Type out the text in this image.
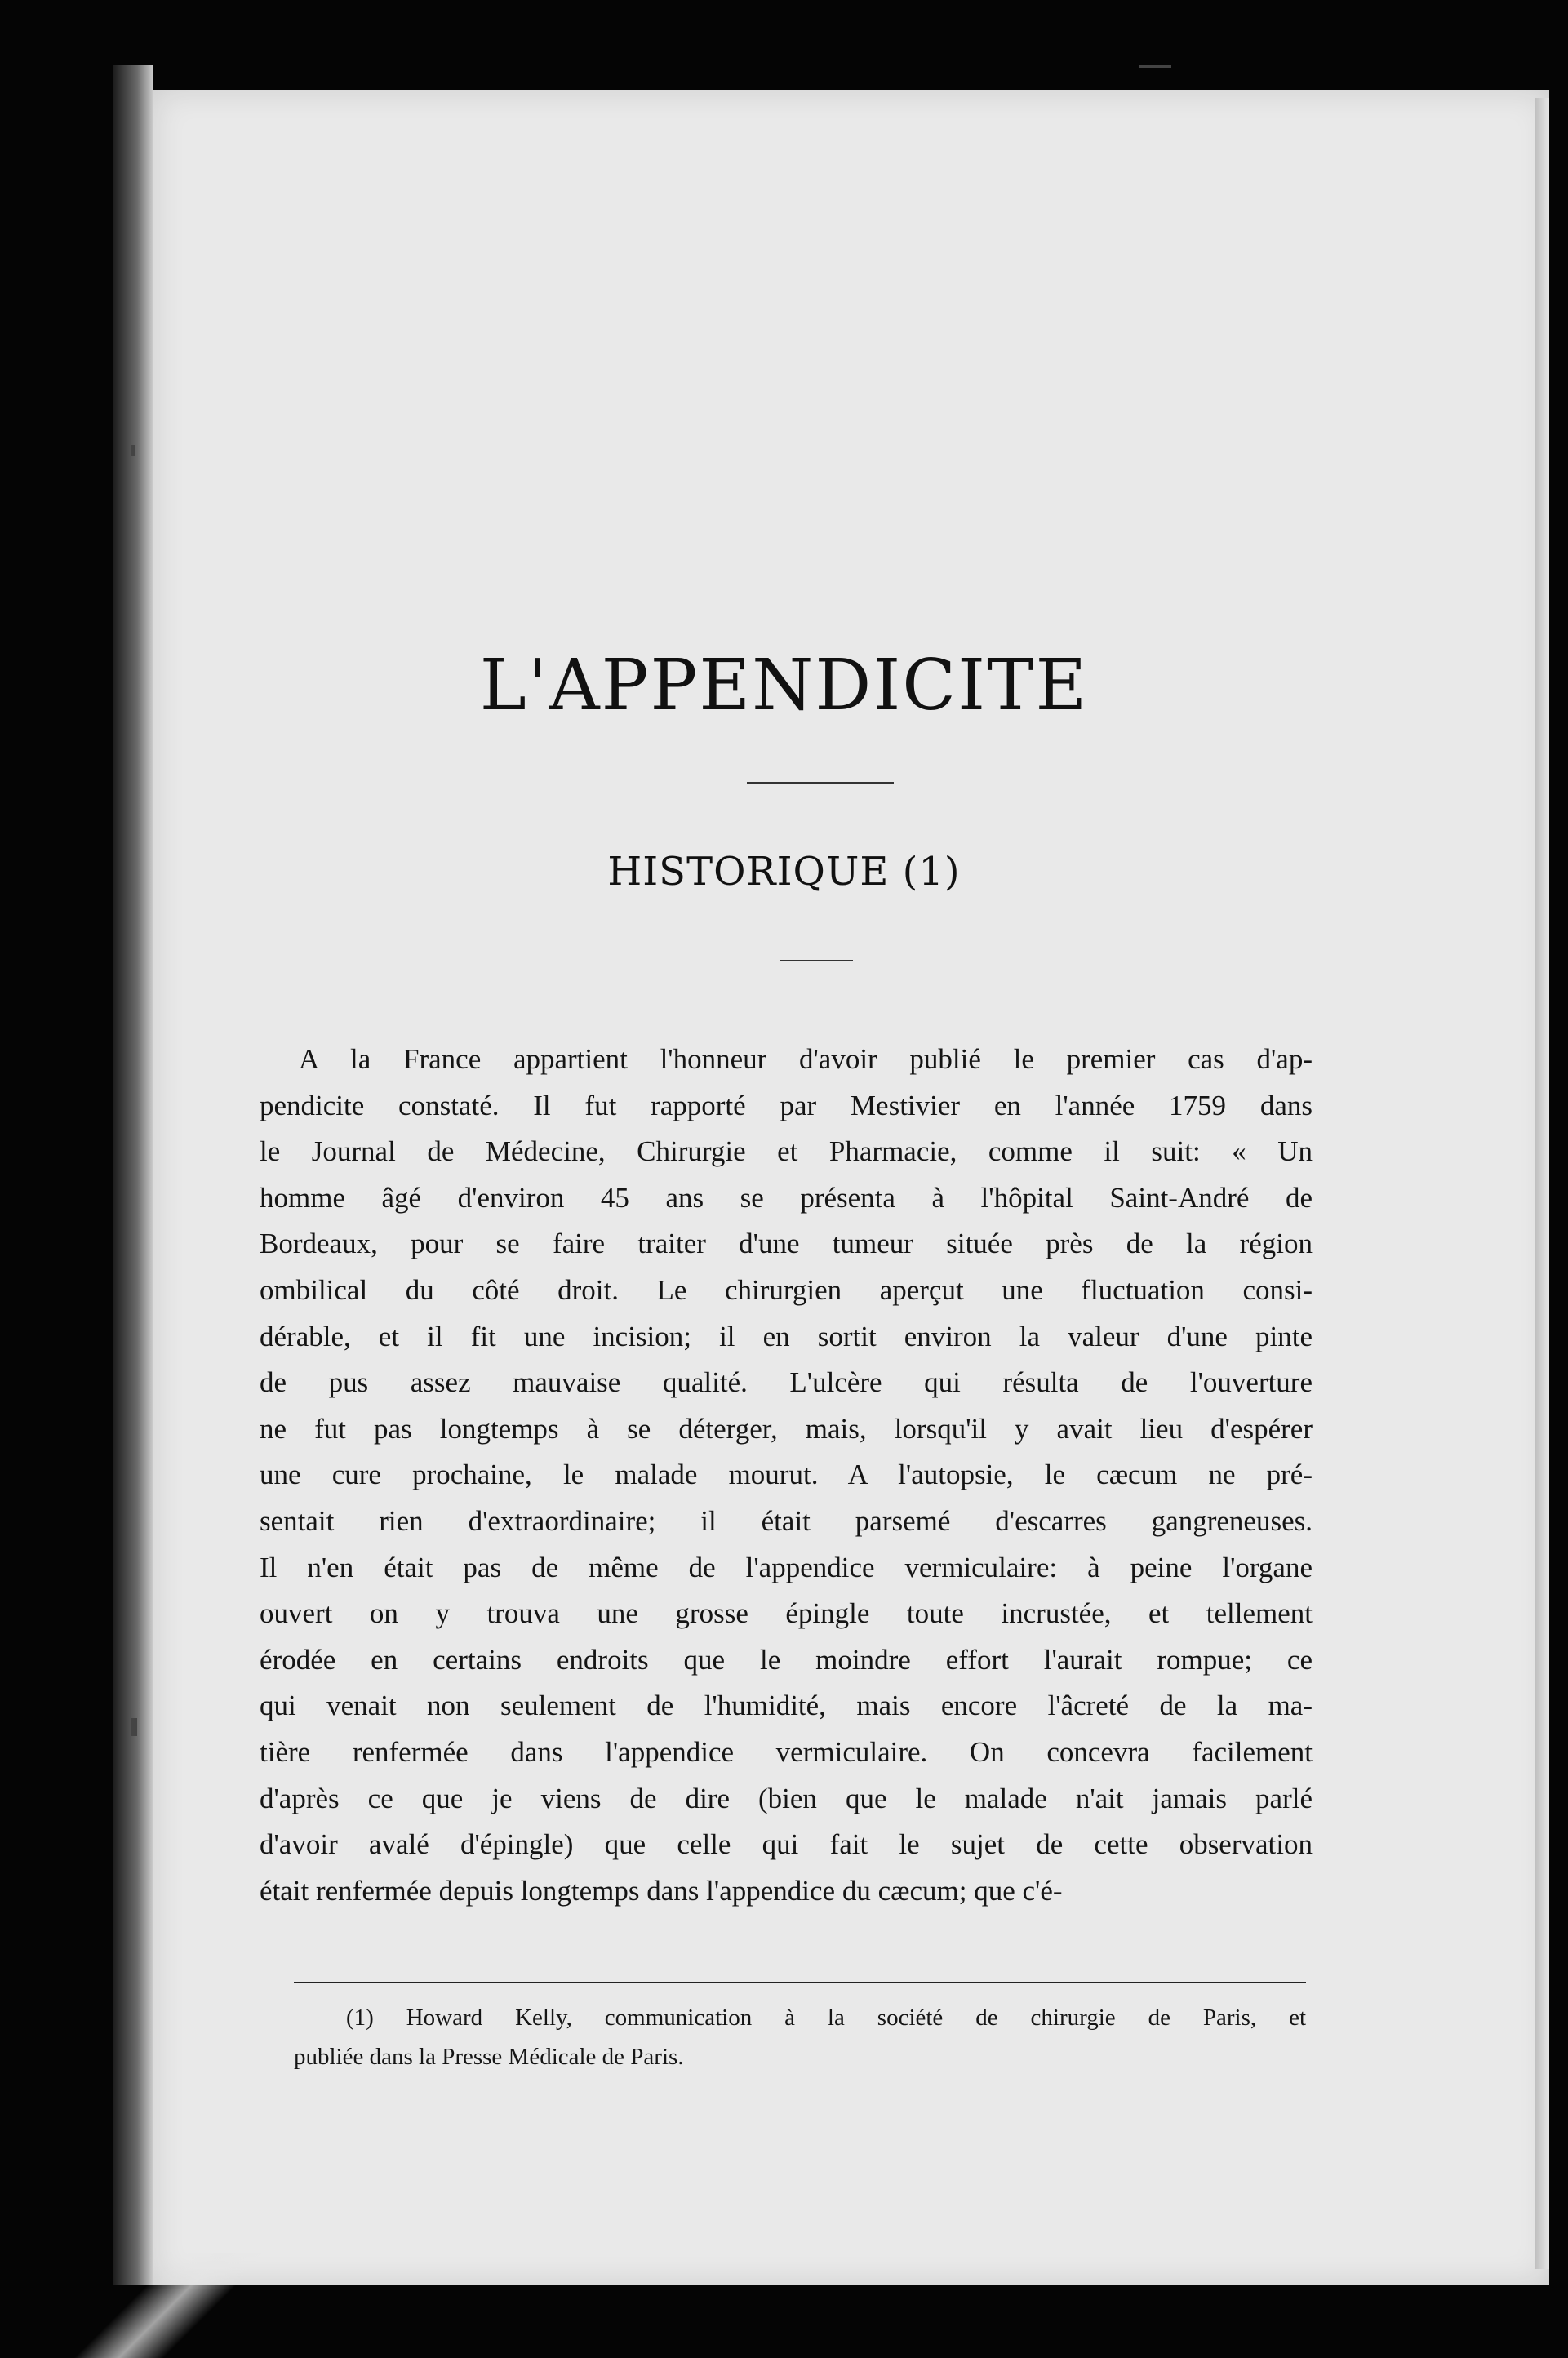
L'APPENDICITE
HISTORIQUE (1)
A la France appartient l'honneur d'avoir publié le premier cas d'ap-
pendicite constaté. Il fut rapporté par Mestivier en l'année 1759 dans
le Journal de Médecine, Chirurgie et Pharmacie, comme il suit: « Un
homme âgé d'environ 45 ans se présenta à l'hôpital Saint-André de
Bordeaux, pour se faire traiter d'une tumeur située près de la région
ombilical du côté droit. Le chirurgien aperçut une fluctuation consi-
dérable, et il fit une incision; il en sortit environ la valeur d'une pinte
de pus assez mauvaise qualité. L'ulcère qui résulta de l'ouverture
ne fut pas longtemps à se déterger, mais, lorsqu'il y avait lieu d'espérer
une cure prochaine, le malade mourut. A l'autopsie, le cæcum ne pré-
sentait rien d'extraordinaire; il était parsemé d'escarres gangreneuses.
Il n'en était pas de même de l'appendice vermiculaire: à peine l'organe
ouvert on y trouva une grosse épingle toute incrustée, et tellement
érodée en certains endroits que le moindre effort l'aurait rompue; ce
qui venait non seulement de l'humidité, mais encore l'âcreté de la ma-
tière renfermée dans l'appendice vermiculaire. On concevra facilement
d'après ce que je viens de dire (bien que le malade n'ait jamais parlé
d'avoir avalé d'épingle) que celle qui fait le sujet de cette observation
était renfermée depuis longtemps dans l'appendice du cæcum; que c'é-
(1) Howard Kelly, communication à la société de chirurgie de Paris, et
publiée dans la Presse Médicale de Paris.
